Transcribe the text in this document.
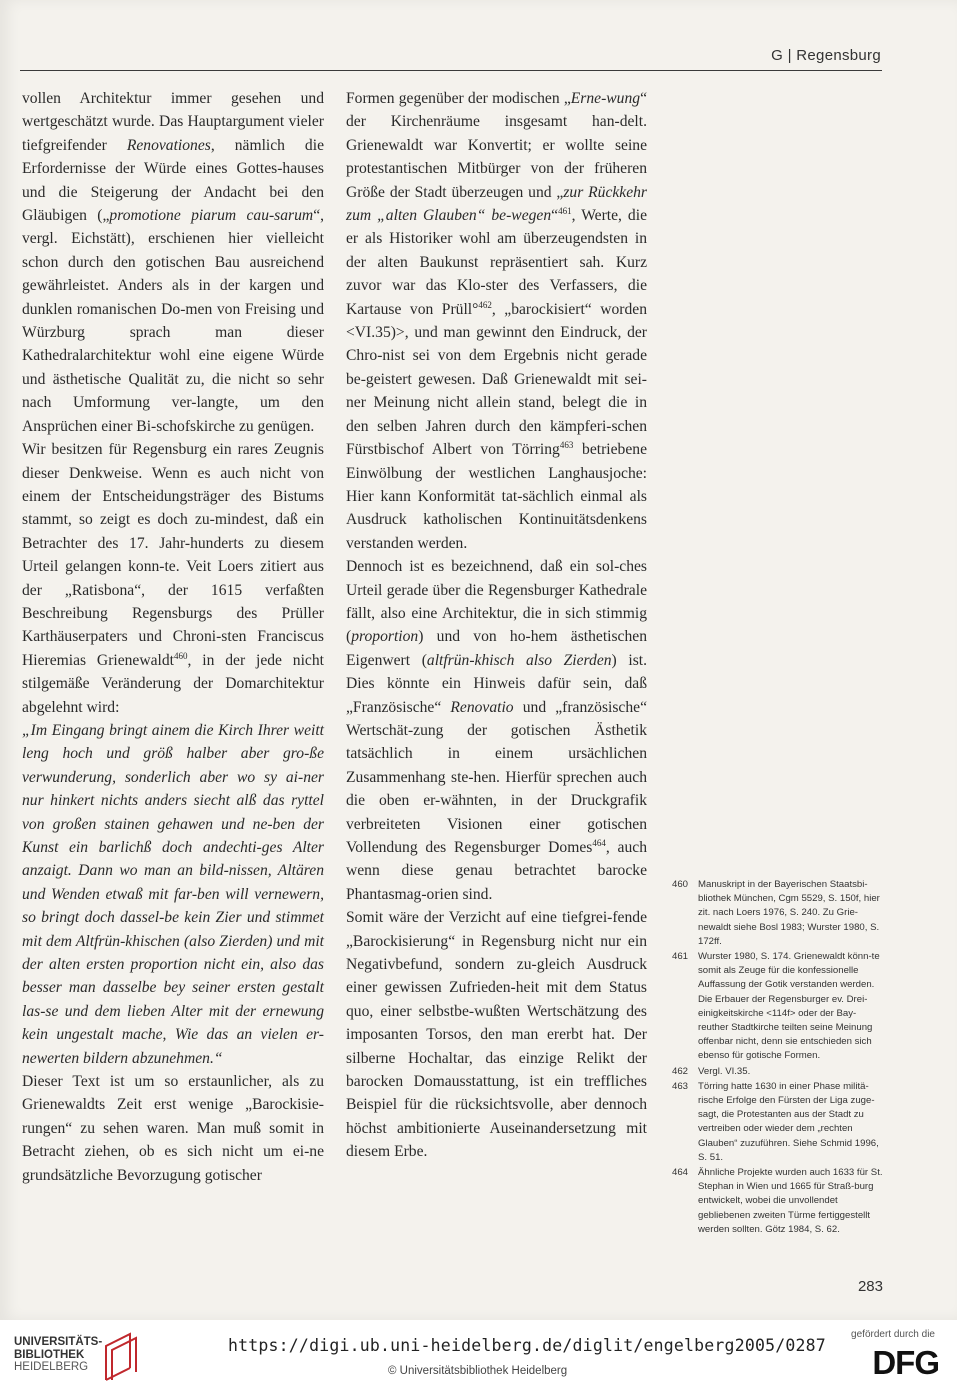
G | Regensburg

vollen Architektur immer gesehen und wertgeschätzt wurde. Das Hauptargument vieler tiefgreifender Renovationes, nämlich die Erfordernisse der Würde eines Gottes-hauses und die Steigerung der Andacht bei den Gläubigen („promotione piarum cau-sarum“, vergl. Eichstätt), erschienen hier vielleicht schon durch den gotischen Bau ausreichend gewährleistet. Anders als in der kargen und dunklen romanischen Do-men von Freising und Würzburg sprach man dieser Kathedralarchitektur wohl eine eigene Würde und ästhetische Qualität zu, die nicht so sehr nach Umformung ver-langte, um den Ansprüchen einer Bi-schofskirche zu genügen.

Wir besitzen für Regensburg ein rares Zeugnis dieser Denkweise. Wenn es auch nicht von einem der Entscheidungsträger des Bistums stammt, so zeigt es doch zu-mindest, daß ein Betrachter des 17. Jahr-hunderts zu diesem Urteil gelangen konn-te. Veit Loers zitiert aus der „Ratisbona“, der 1615 verfaßten Beschreibung Regensburgs des Prüller Karthäuserpaters und Chroni-sten Franciscus Hieremias Grienewaldt$^{460}$, in der jede nicht stilgemäße Veränderung der Domarchitektur abgelehnt wird:

„Im Eingang bringt ainem die Kirch Ihrer weitt leng hoch und größ halber aber gro-ße verwunderung, sonderlich aber wo sy ai-ner nur hinkert nichts anders siecht alß das ryttel von großen stainen gehawen und ne-ben der Kunst ein barlichß doch andechti-ges Alter anzaigt. Dann wo man an bild-nissen, Altären und Wenden etwaß mit far-ben will vernewern, so bringt doch dassel-be kein Zier und stimmet mit dem Altfrün-khischen (also Zierden) und mit der alten ersten proportion nicht ein, also das besser man dasselbe bey seiner ersten gestalt las-se und dem lieben Alter mit der ernewung kein ungestalt mache, Wie das an vielen er-newerten bildern abzunehmen.“

Dieser Text ist um so erstaunlicher, als zu Grienewaldts Zeit erst wenige „Barockisie-rungen“ zu sehen waren. Man muß somit in Betracht ziehen, ob es sich nicht um ei-ne grundsätzliche Bevorzugung gotischer

Formen gegenüber der modischen „Erne-wung“ der Kirchenräume insgesamt han-delt. Grienewaldt war Konvertit; er wollte seine protestantischen Mitbürger von der früheren Größe der Stadt überzeugen und „zur Rückkehr zum „alten Glauben“ be-wegen“$^{461}$, Werte, die er als Historiker wohl am überzeugendsten in der alten Baukunst repräsentiert sah. Kurz zuvor war das Klo-ster des Verfassers, die Kartause von Prüll°$^{462}$, „barockisiert“ worden <VI.35)>, und man gewinnt den Eindruck, der Chro-nist sei von dem Ergebnis nicht gerade be-geistert gewesen. Daß Grienewaldt mit sei-ner Meinung nicht allein stand, belegt die in den selben Jahren durch den kämpferi-schen Fürstbischof Albert von Törring$^{463}$ betriebene Einwölbung der westlichen Langhausjoche: Hier kann Konformität tat-sächlich einmal als Ausdruck katholischen Kontinuitätsdenkens verstanden werden.

Dennoch ist es bezeichnend, daß ein sol-ches Urteil gerade über die Regensburger Kathedrale fällt, also eine Architektur, die in sich stimmig (proportion) und von ho-hem ästhetischen Eigenwert (altfrün-khisch also Zierden) ist. Dies könnte ein Hinweis dafür sein, daß „Französische“ Renovatio und „französische“ Wertschät-zung der gotischen Ästhetik tatsächlich in einem ursächlichen Zusammenhang ste-hen. Hierfür sprechen auch die oben er-wähnten, in der Druckgrafik verbreiteten Visionen einer gotischen Vollendung des Regensburger Domes$^{464}$, auch wenn diese genau betrachtet barocke Phantasmag-orien sind.

Somit wäre der Verzicht auf eine tiefgrei-fende „Barockisierung“ in Regensburg nicht nur ein Negativbefund, sondern zu-gleich Ausdruck einer gewissen Zufrieden-heit mit dem Status quo, einer selbstbe-wußten Wertschätzung des imposanten Torsos, den man ererbt hat. Der silberne Hochaltar, das einzige Relikt der barocken Domausstattung, ist ein treffliches Beispiel für die rücksichtsvolle, aber dennoch höchst ambitionierte Auseinandersetzung mit diesem Erbe.

460	Manuskript in der Bayerischen Staatsbi-bliothek München, Cgm 5529, S. 150f, hier zit. nach Loers 1976, S. 240. Zu Grie-newaldt siehe Bosl 1983; Wurster 1980, S. 172ff.
461	Wurster 1980, S. 174. Grienewaldt könn-te somit als Zeuge für die konfessionelle Auffassung der Gotik verstanden werden. Die Erbauer der Regensburger ev. Drei-einigkeitskirche <114f> oder der Bay-reuther Stadtkirche teilten seine Meinung offenbar nicht, denn sie entschieden sich ebenso für gotische Formen.
462	Vergl. VI.35.
463	Törring hatte 1630 in einer Phase militä-rische Erfolge den Fürsten der Liga zuge-sagt, die Protestanten aus der Stadt zu vertreiben oder wieder dem „rechten Glauben“ zuzuführen. Siehe Schmid 1996, S. 51.
464	Ähnliche Projekte wurden auch 1633 für St. Stephan in Wien und 1665 für Straß-burg entwickelt, wobei die unvollendet gebliebenen zweiten Türme fertiggestellt werden sollten. Götz 1984, S. 62.
283
UNIVERSITÄTS-
BIBLIOTHEK
HEIDELBERG
https://digi.ub.uni-heidelberg.de/diglit/engelberg2005/0287
© Universitätsbibliothek Heidelberg
gefördert durch die
DFG
